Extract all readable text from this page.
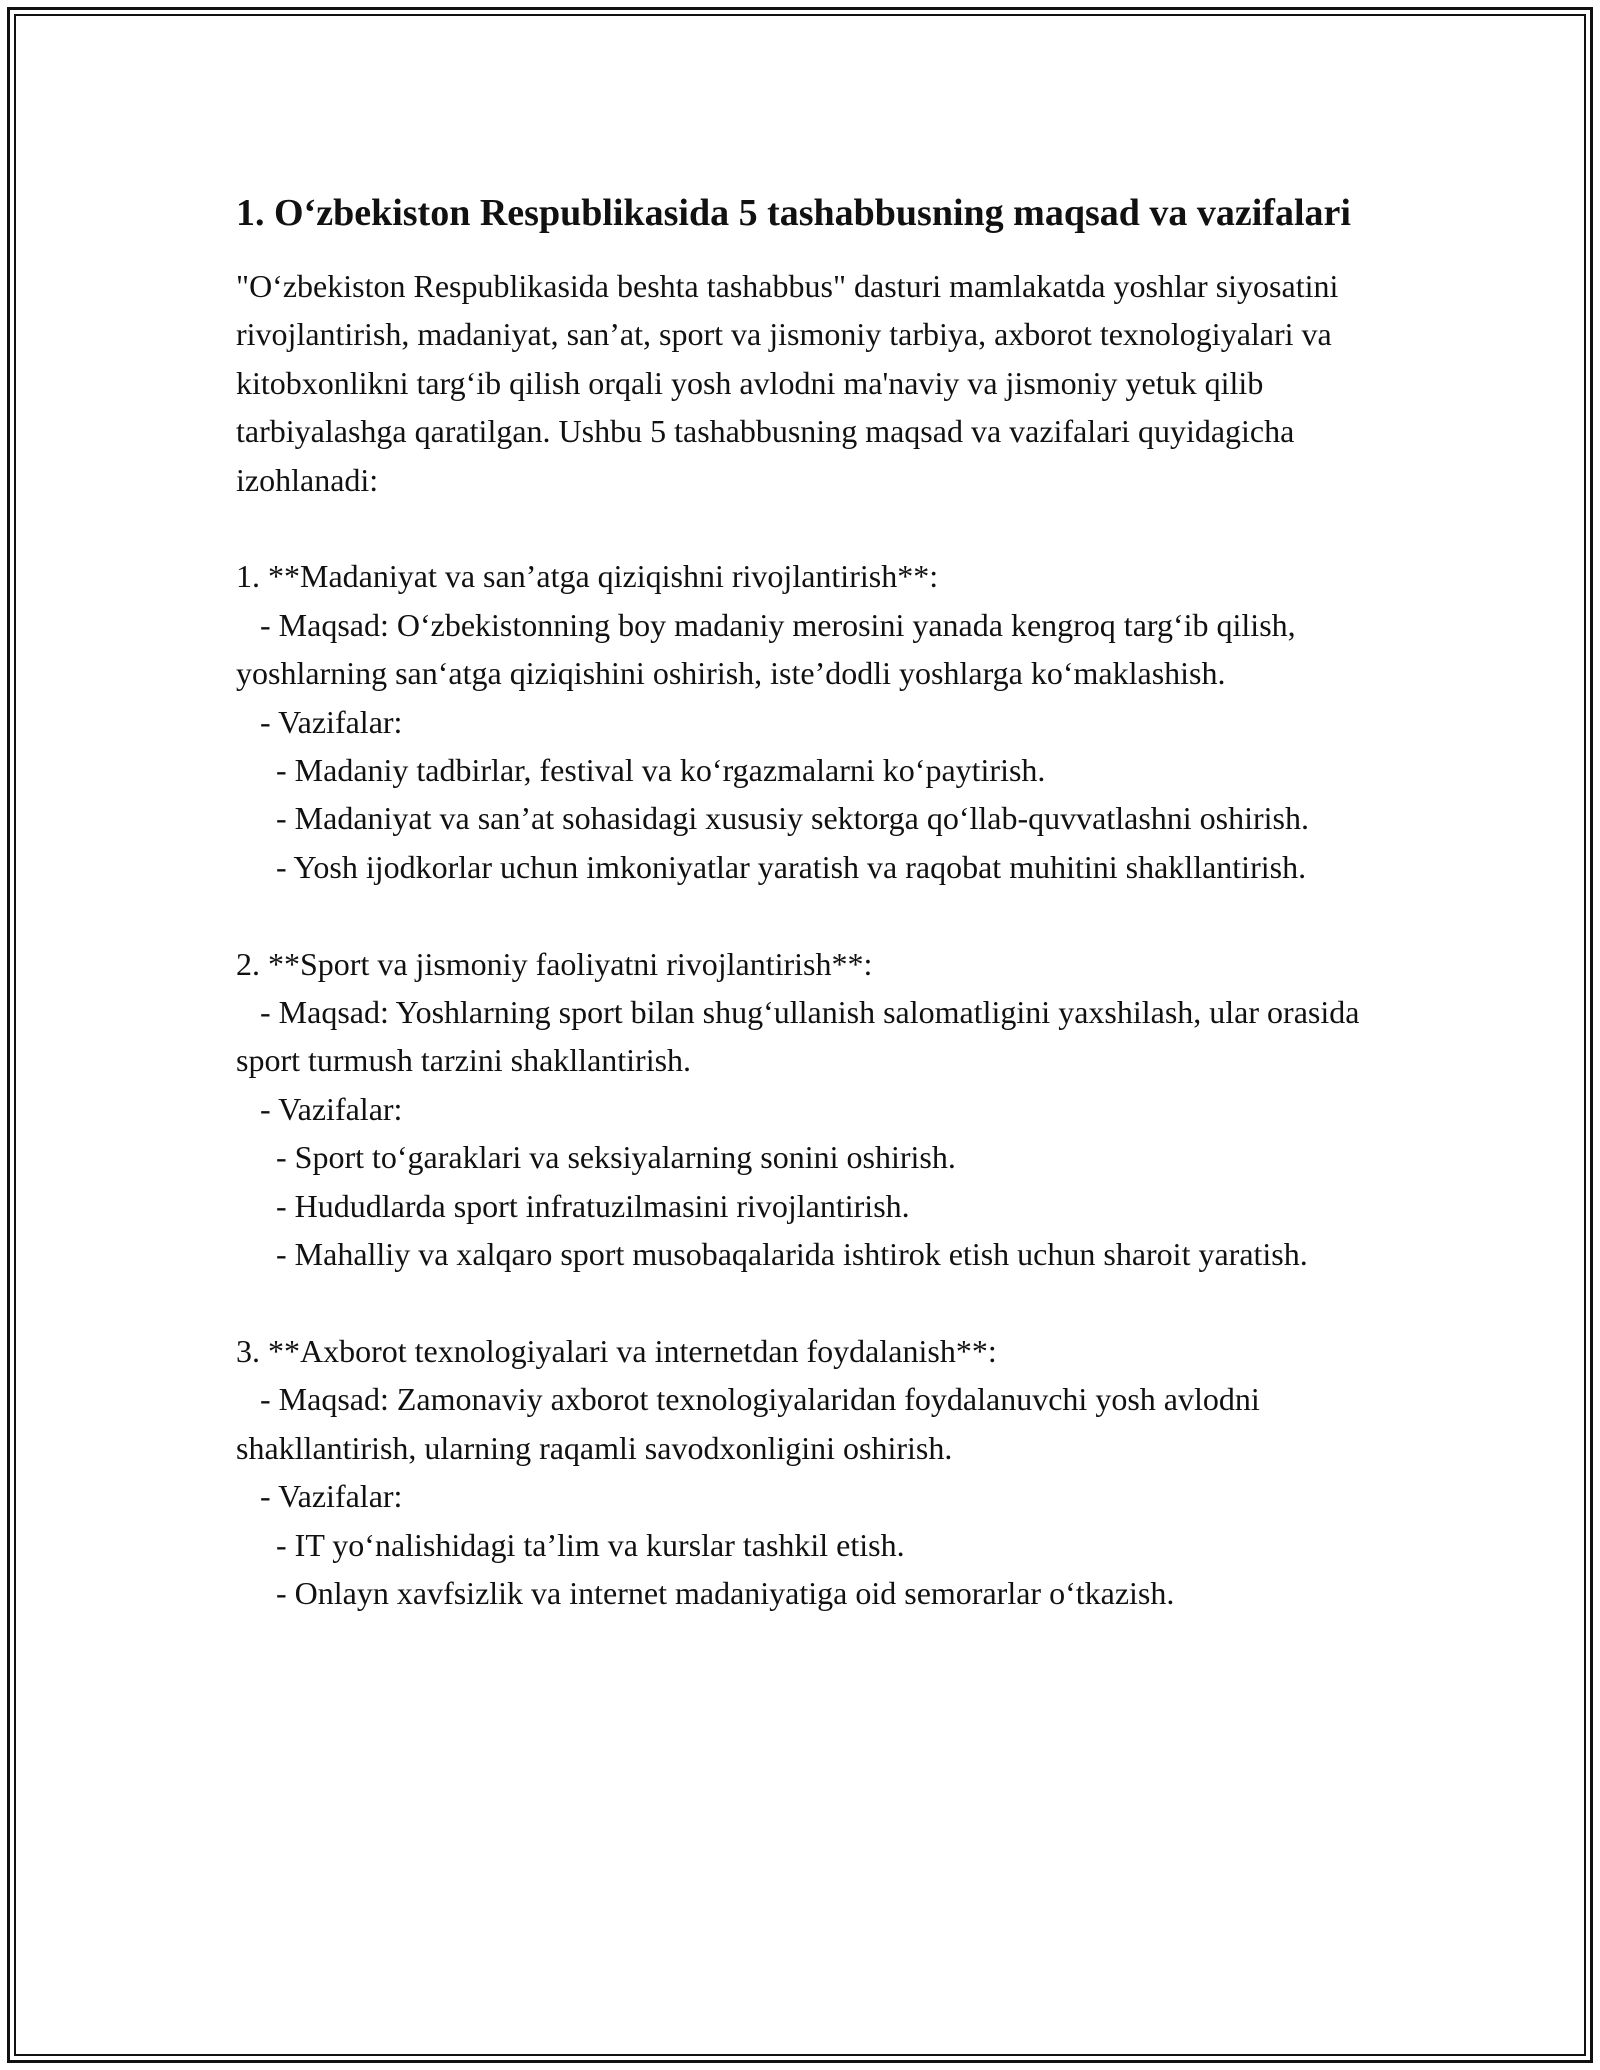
1. O‘zbekiston Respublikasida 5 tashabbusning maqsad va vazifalari

"O‘zbekiston Respublikasida beshta tashabbus" dasturi mamlakatda yoshlar siyosatini rivojlantirish, madaniyat, san’at, sport va jismoniy tarbiya, axborot texnologiyalari va kitobxonlikni targ‘ib qilish orqali yosh avlodni ma'naviy va jismoniy yetuk qilib tarbiyalashga qaratilgan. Ushbu 5 tashabbusning maqsad va vazifalari quyidagicha izohlanadi:

1. **Madaniyat va san’atga qiziqishni rivojlantirish**:

- Maqsad: O‘zbekistonning boy madaniy merosini yanada kengroq targ‘ib qilish, yoshlarning san‘atga qiziqishini oshirish, iste’dodli yoshlarga ko‘maklashish.

- Vazifalar:

- Madaniy tadbirlar, festival va ko‘rgazmalarni ko‘paytirish.

- Madaniyat va san’at sohasidagi xususiy sektorga qo‘llab-quvvatlashni oshirish.

- Yosh ijodkorlar uchun imkoniyatlar yaratish va raqobat muhitini shakllantirish.

2. **Sport va jismoniy faoliyatni rivojlantirish**:

- Maqsad: Yoshlarning sport bilan shug‘ullanish salomatligini yaxshilash, ular orasida sport turmush tarzini shakllantirish.

- Vazifalar:

- Sport to‘garaklari va seksiyalarning sonini oshirish.

- Hududlarda sport infratuzilmasini rivojlantirish.

- Mahalliy va xalqaro sport musobaqalarida ishtirok etish uchun sharoit yaratish.

3. **Axborot texnologiyalari va internetdan foydalanish**:

- Maqsad: Zamonaviy axborot texnologiyalaridan foydalanuvchi yosh avlodni shakllantirish, ularning raqamli savodxonligini oshirish.

- Vazifalar:

- IT yo‘nalishidagi ta’lim va kurslar tashkil etish.

- Onlayn xavfsizlik va internet madaniyatiga oid semorarlar o‘tkazish.
